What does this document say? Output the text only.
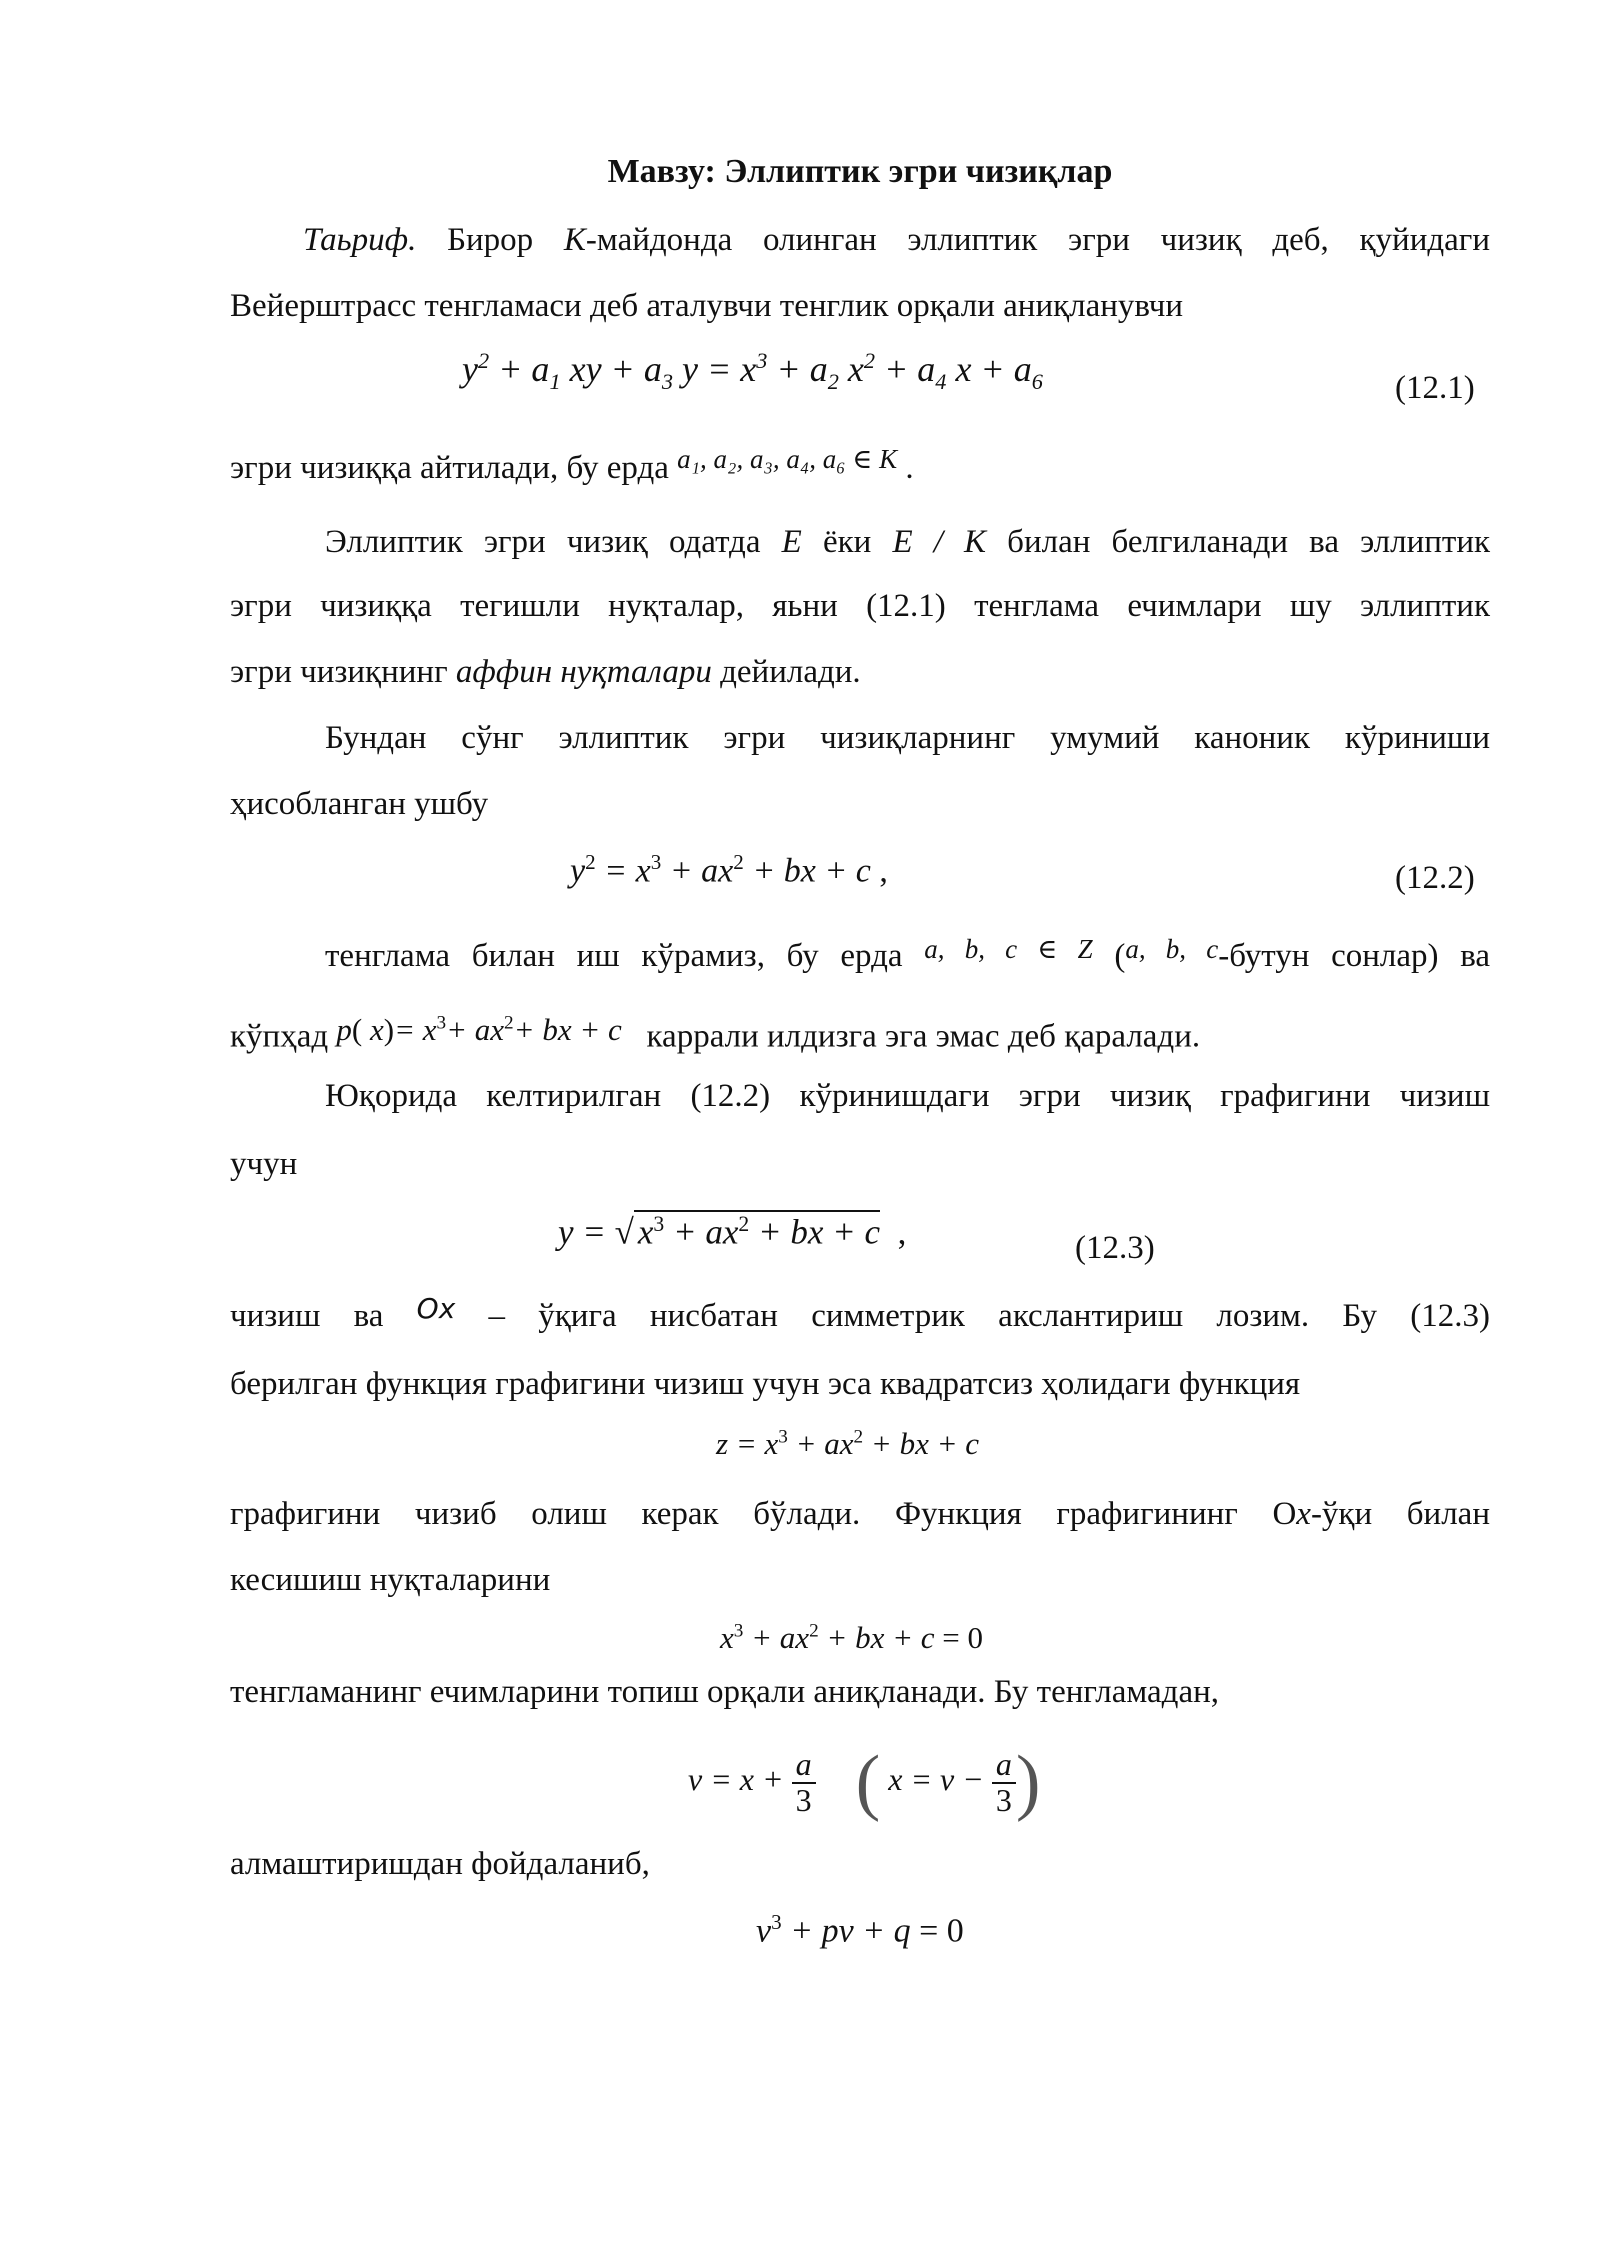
Мавзу: Эллиптик эгри чизиқлар
Таьриф. Бирор K-майдонда олинган эллиптик эгри чизиқ деб, қуйидаги
Вейерштрасс тенгламаси деб аталувчи тенглик орқали аниқланувчи
$y^2 + a_1$ xy + $a_3$ $y = x^3 + a_2$ $x^2 + a_4$ $x + a_6$	(12.1)
эгри чизиққа айтилади, бу ерда $^{a_1, a_2, a_3, a_4, a_6 \in K}$ .
Эллиптик эгри чизиқ одатда E ёки E / K билан белгиланади ва эллиптик
эгри чизиққа тегишли нуқталар, яьни (12.1) тенглама ечимлари шу эллиптик
эгри чизиқнинг аффин нуқталари дейилади.
Бундан сўнг эллиптик эгри чизиқларнинг умумий каноник кўриниши
ҳисобланган ушбу
$y^2 = x^3 + ax^2$ + bx + c ,	(12.2)
тенглама билан иш кўрамиз, бу ерда $^{a, b, c \in Z}$ ($^{a, b, c}$-бутун сонлар) ва
кўпҳад p( $x)= x^3+ ax^2+$ bx + c каррали илдизга эга эмас деб қаралади.
Юқорида келтирилган (12.2) кўринишдаги эгри чизиқ графигини чизиш
учун
y = √ $x^3 + ax^2$ + bx + c ,	(12.3)
чизиш ва $^{Ox}$ – ўқига нисбатан симметрик акслантириш лозим. Бу (12.3)
берилган функция графигини чизиш учун эса квадратсиз ҳолидаги функция
$z = x^3 + ax^2$ + bx + c
графигини чизиб олиш керак бўлади. Функция графигининг Ох-ўқи билан
кесишиш нуқталарини
$x^3 + ax^2$ + bx + c = 0
тенгламанинг ечимларини топиш орқали аниқланади. Бу тенгламадан,
$v = x + \frac{a}{3}$ ( $x = v - \frac{a}{3}$ )
алмаштиришдан фойдаланиб,
$v^3$ + pv + q = 0
